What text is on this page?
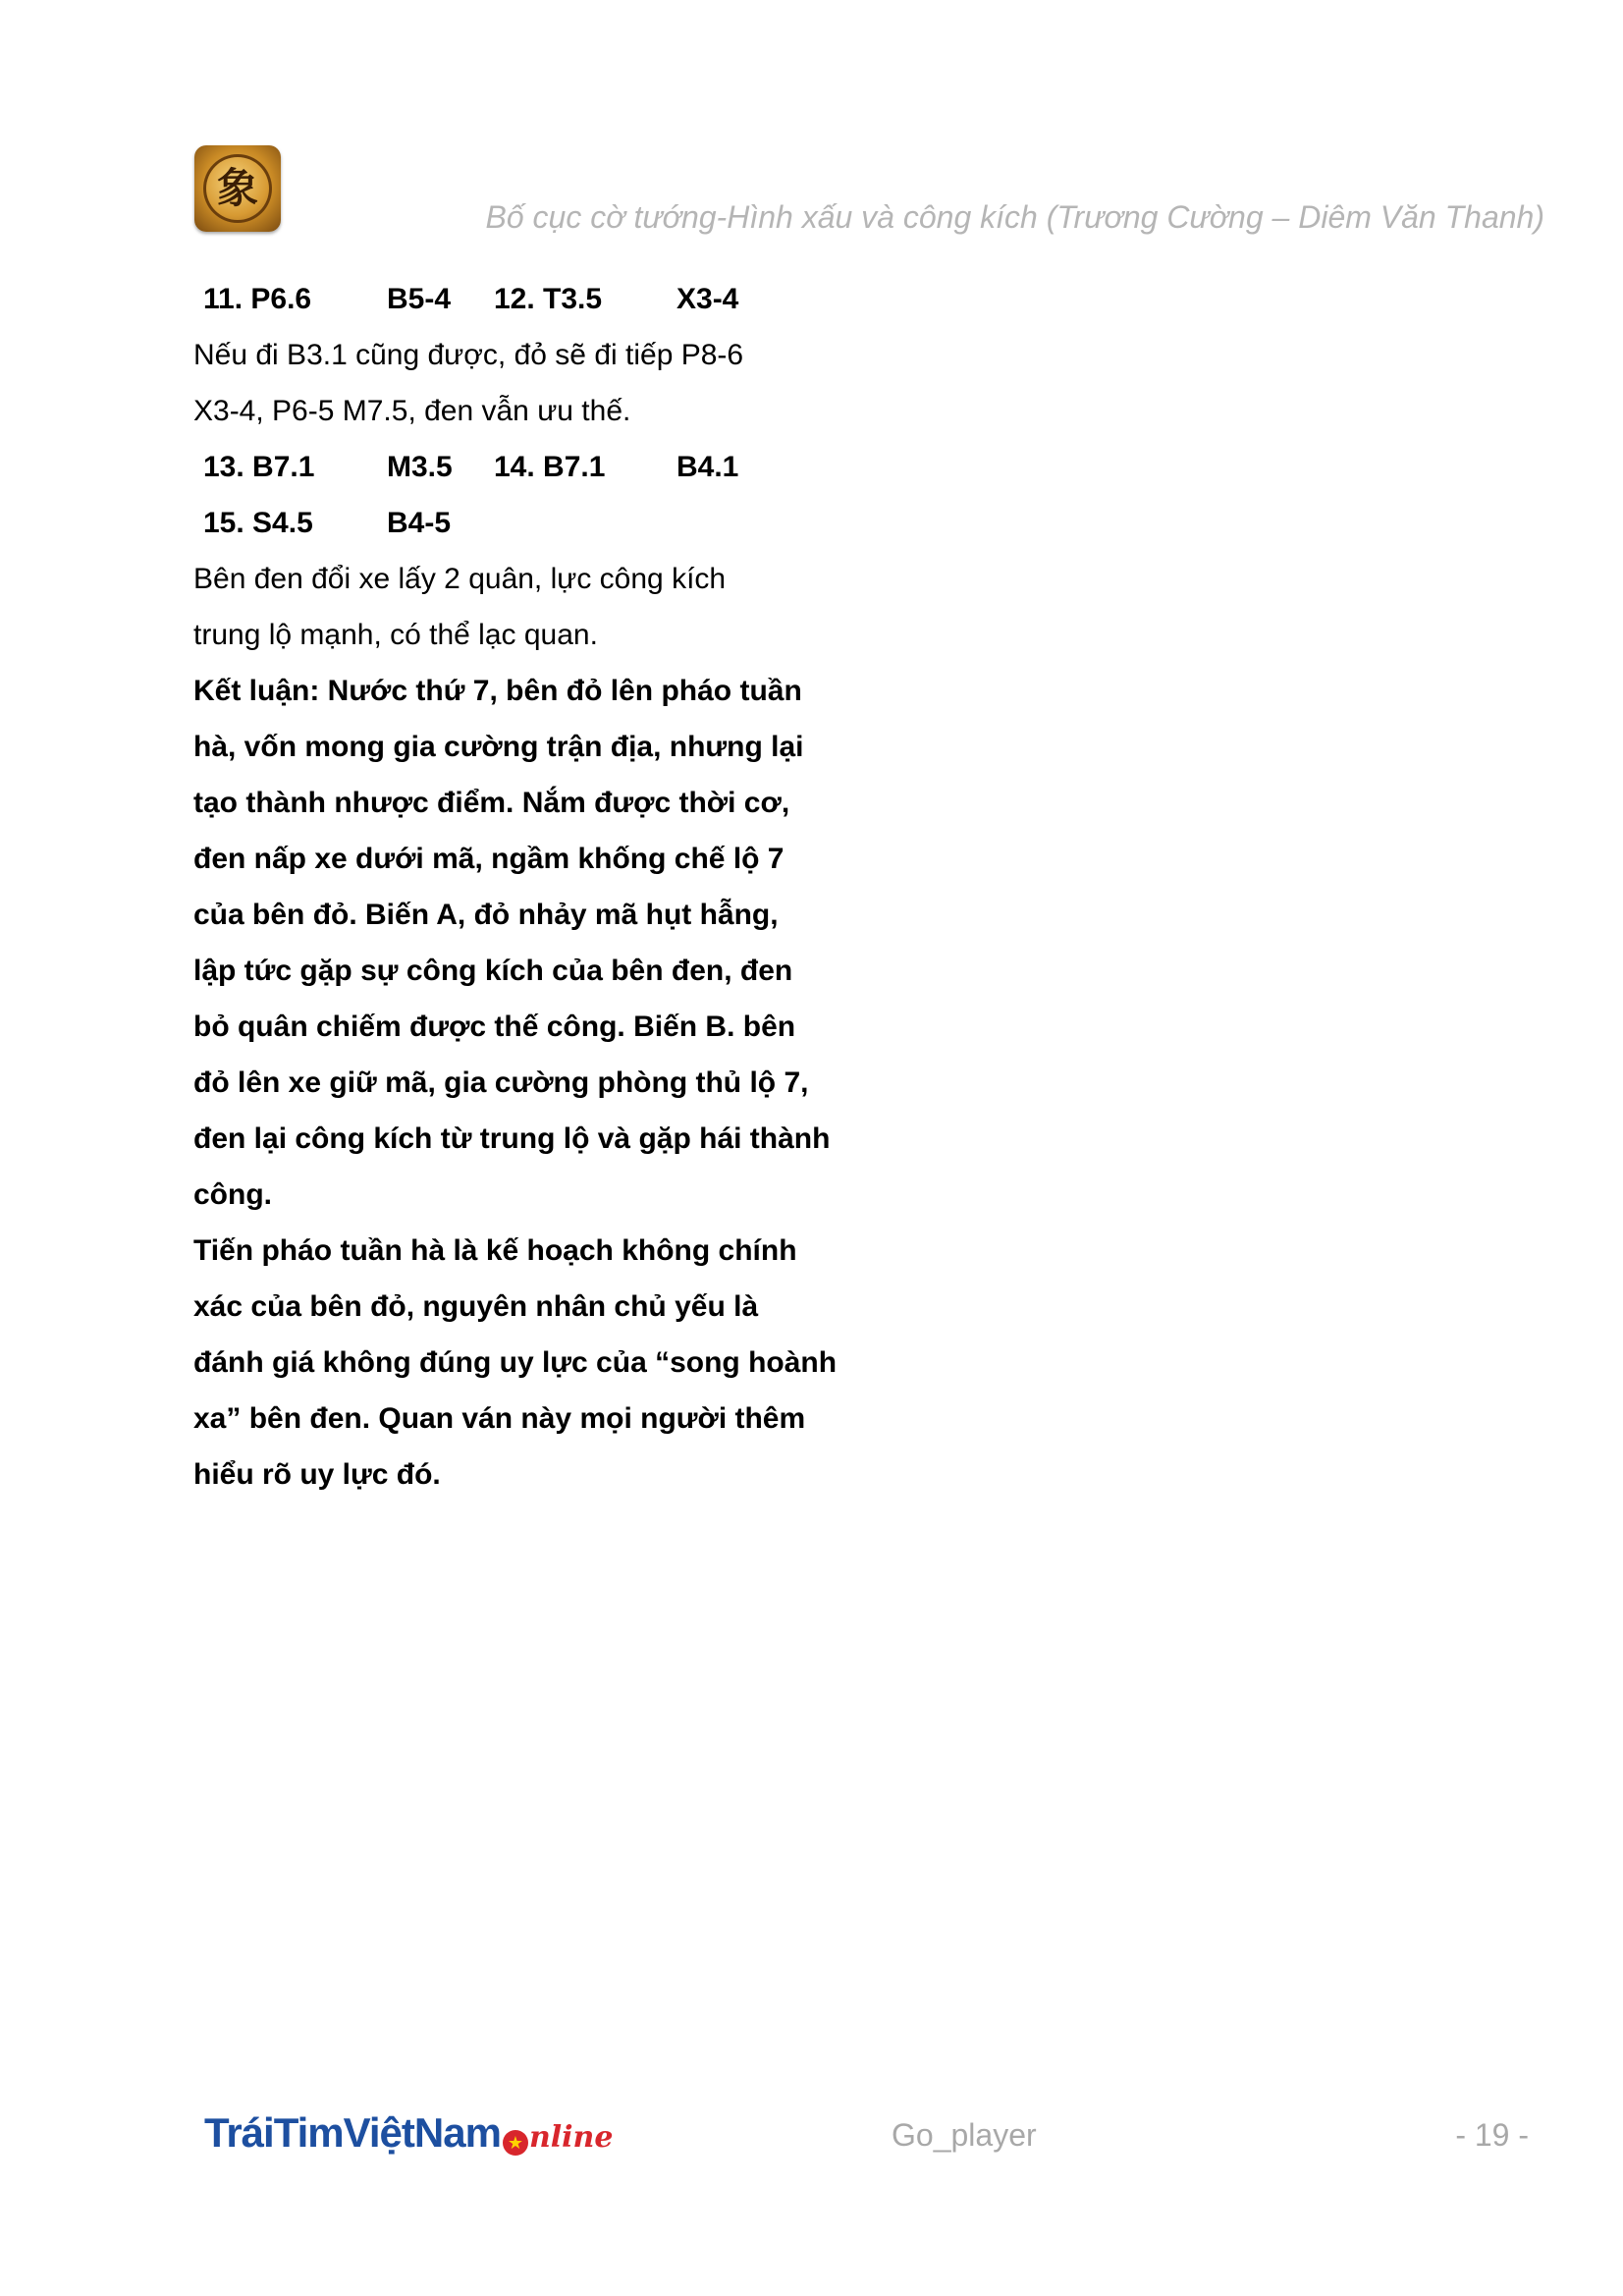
象
Bố cục cờ tướng-Hình xấu và công kích (Trương Cường – Diêm Văn Thanh)
11. P6.6	B5-4 12. T3.5	X3-4

Nếu đi B3.1 cũng được, đỏ sẽ đi tiếp P8-6

X3-4, P6-5 M7.5, đen vẫn ưu thế.

13. B7.1 M3.5 14. B7.1 B4.1
15. S4.5	B4-5

Bên đen đổi xe lấy 2 quân, lực công kích

trung lộ mạnh, có thể lạc quan.

Kết luận: Nước thứ 7, bên đỏ lên pháo tuần

hà, vốn mong gia cường trận địa, nhưng lại

tạo thành nhược điểm. Nắm được thời cơ,

đen nấp xe dưới mã, ngầm khống chế lộ 7

của bên đỏ. Biến A, đỏ nhảy mã hụt hẫng,

lập tức gặp sự công kích của bên đen, đen

bỏ quân chiếm được thế công. Biến B. bên

đỏ lên xe giữ mã, gia cường phòng thủ lộ 7,

đen lại công kích từ trung lộ và gặp hái thành

công.

Tiến pháo tuần hà là kế hoạch không chính

xác của bên đỏ, nguyên nhân chủ yếu là

đánh giá không đúng uy lực của “song hoành

xa” bên đen. Quan ván này mọi người thêm

hiểu rõ uy lực đó.

TráiTimViệtNam ★ nline	Go_player	- 19 -
